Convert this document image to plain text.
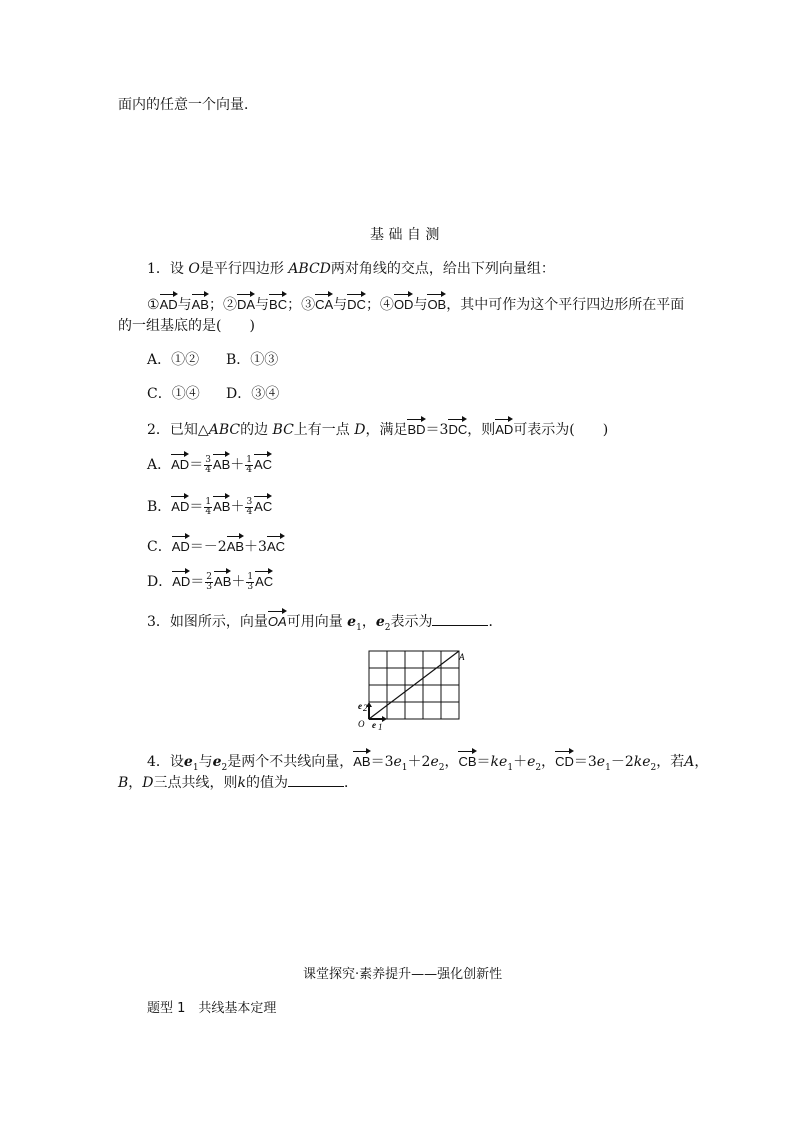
面内的任意一个向量．
基 础 自 测
1．设 O是平行四边形 ABCD两对角线的交点，给出下列向量组：
①AD与AB；②DA与BC；③CA与DC；④OD与OB，其中可作为这个平行四边形所在平面
的一组基底的是(　　)
A．①② B．①③
C．①④ D．③④
2．已知△ABC的边 BC上有一点 D，满足BD＝3DC，则AD可表示为(　　)
A．$AD= \frac{3}{4} AB+ \frac{1}{4}$ AC
B．$AD= \frac{1}{4} AB+ \frac{3}{4}$ AC
C．AD＝－2AB＋3AC
D．$AD= \frac{2}{3} AB+ \frac{1}{3}$ AC
3．如图所示，向量OA可用向量 $e_1$，$e_2$表示为	．
A
O e 1
e 2
4．设$e_1$与$e_2$是两个不共线向量，$AB=3e_1+2e_2$，$CB=ke_1+e_2$，$CD=3e_1-2ke_2$，若A，
B，D三点共线，则k的值为	．
课堂探究·素养提升——强化创新性
题型 1　共线基本定理
